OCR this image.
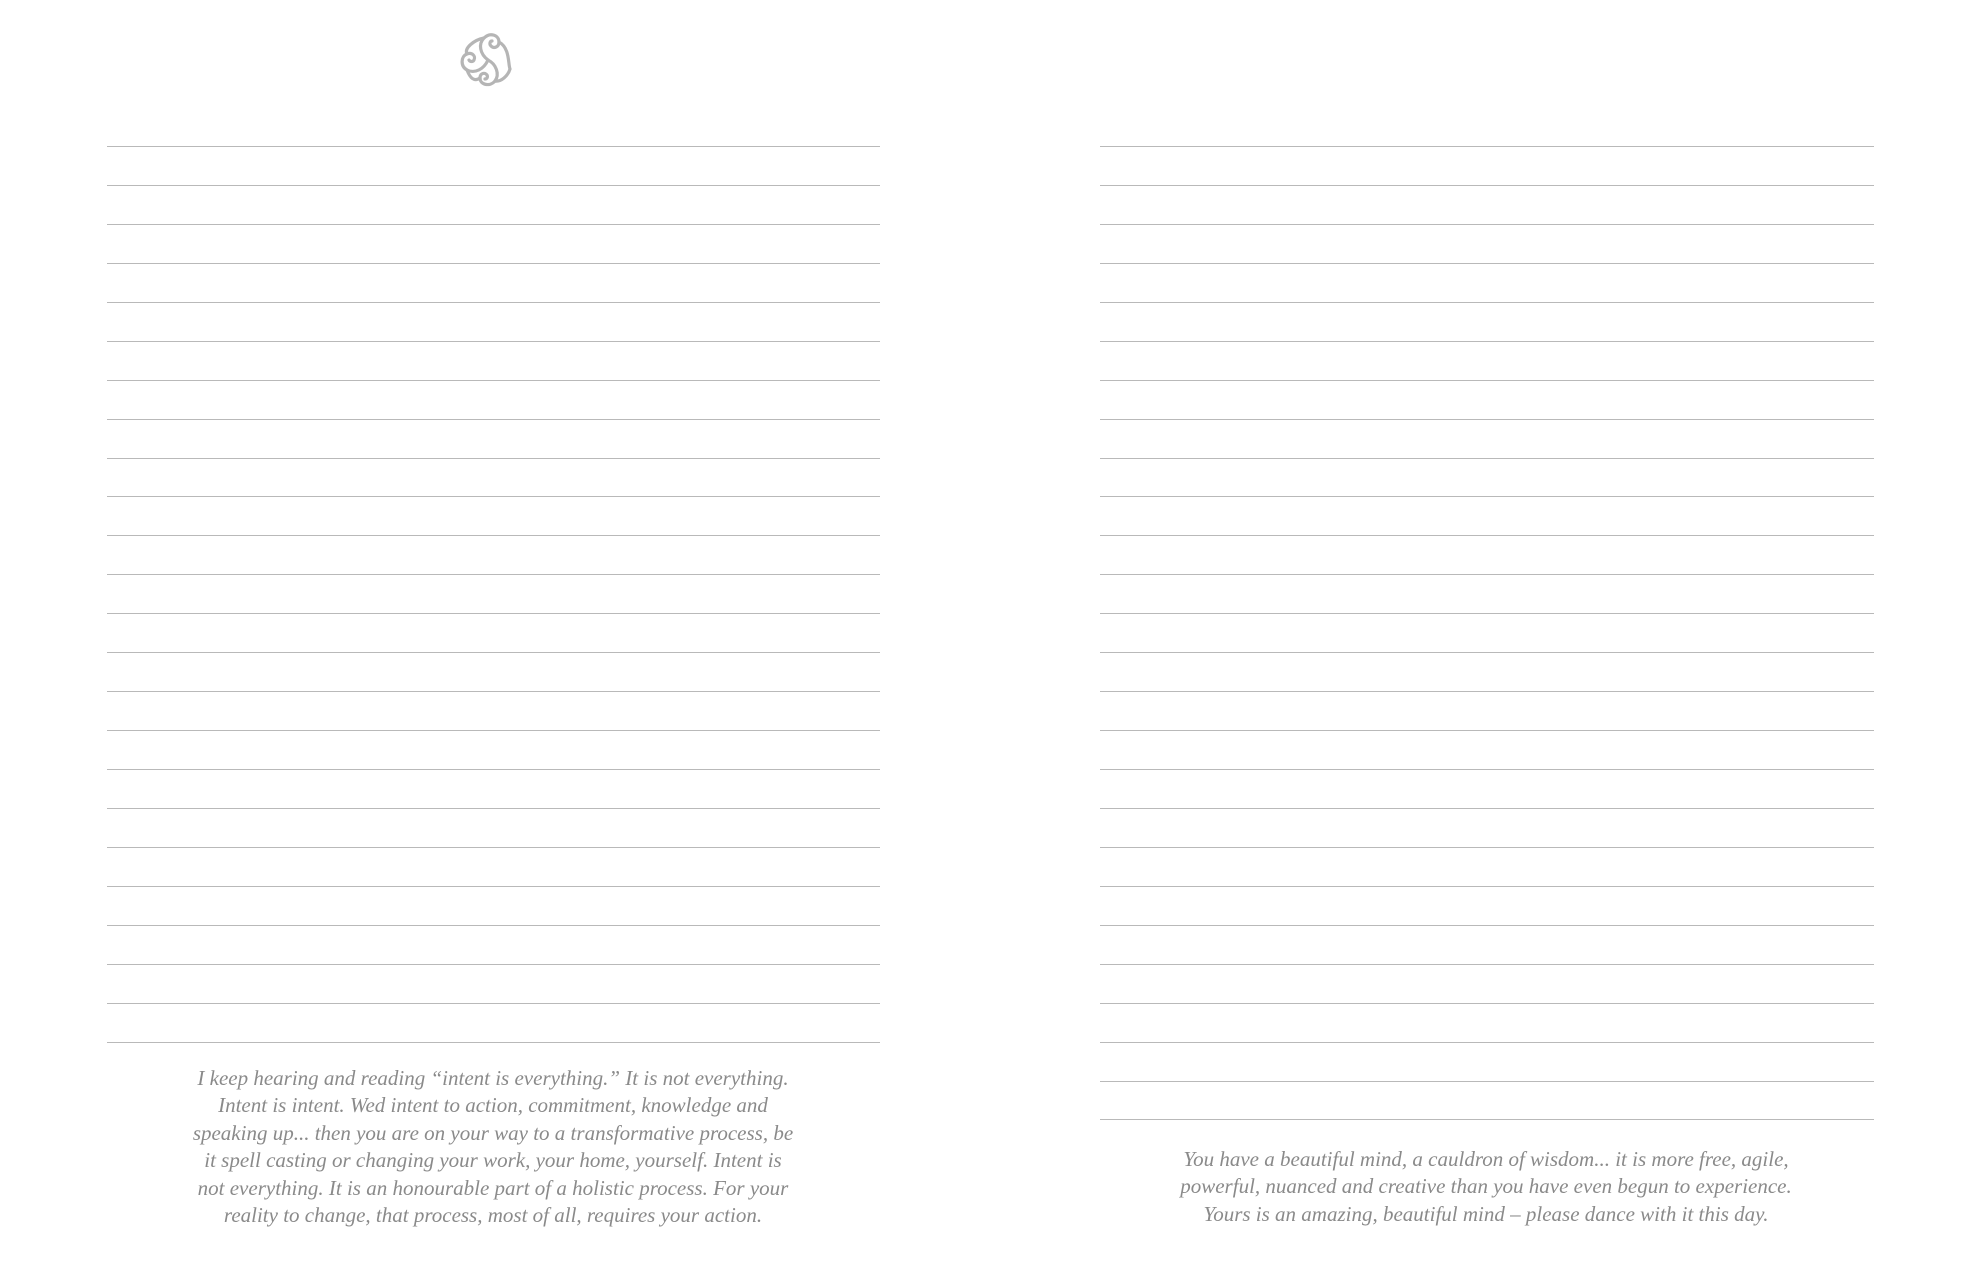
I keep hearing and reading “intent is everything.” It is not everything.
Intent is intent. Wed intent to action, commitment, knowledge and
speaking up... then you are on your way to a transformative process, be
it spell casting or changing your work, your home, yourself. Intent is
not everything. It is an honourable part of a holistic process. For your
reality to change, that process, most of all, requires your action.

You have a beautiful mind, a cauldron of wisdom... it is more free, agile,
powerful, nuanced and creative than you have even begun to experience.
Yours is an amazing, beautiful mind – please dance with it this day.
